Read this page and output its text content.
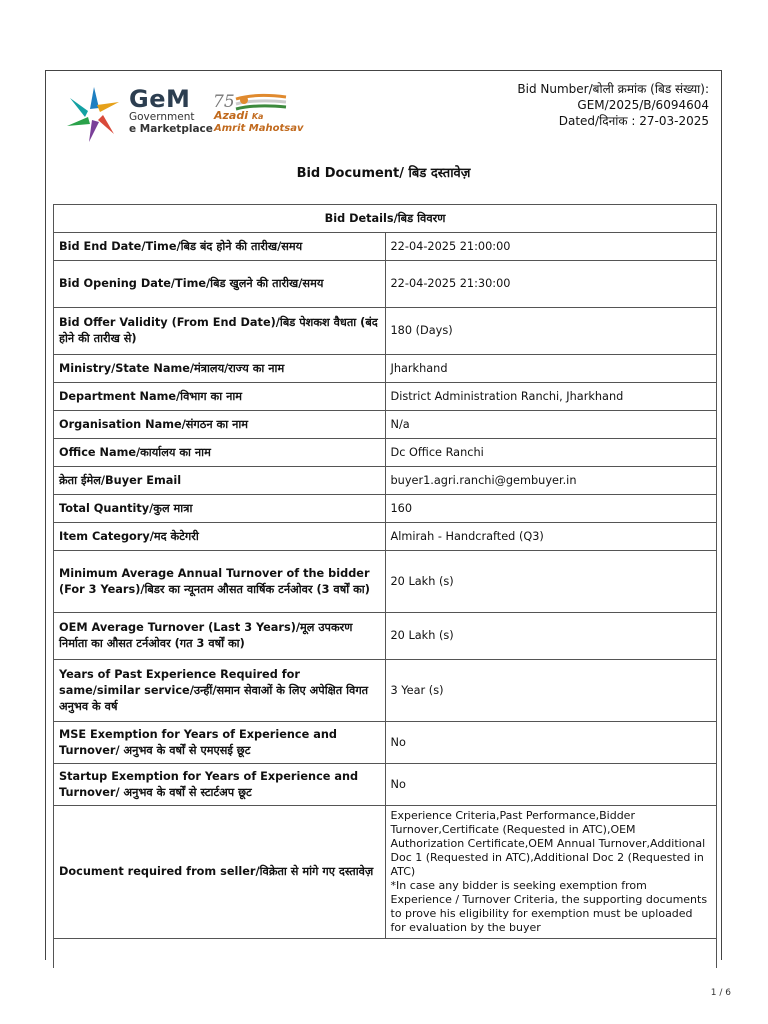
GeM
Government
e Marketplace
75
Azadi Ka
Amrit Mahotsav
Bid Number/बोली क्रमांक (बिड संख्या):
GEM/2025/B/6094604
Dated/दिनांक : 27-03-2025
Bid Document/ बिड दस्तावेज़
Bid Details/बिड विवरण	
Bid End Date/Time/बिड बंद होने की तारीख/समय	22-04-2025 21:00:00
Bid Opening Date/Time/बिड खुलने की तारीख/समय	22-04-2025 21:30:00
Bid Offer Validity (From End Date)/बिड पेशकश वैधता (बंद होने की तारीख से)	180 (Days)
Ministry/State Name/मंत्रालय/राज्य का नाम	Jharkhand
Department Name/विभाग का नाम	District Administration Ranchi, Jharkhand
Organisation Name/संगठन का नाम	N/a
Office Name/कार्यालय का नाम	Dc Office Ranchi
क्रेता ईमेल/Buyer Email	buyer1.agri.ranchi@gembuyer.in
Total Quantity/कुल मात्रा	160
Item Category/मद केटेगरी	Almirah - Handcrafted (Q3)
Minimum Average Annual Turnover of the bidder (For 3 Years)/बिडर का न्यूनतम औसत वार्षिक टर्नओवर (3 वर्षों का)	20 Lakh (s)
OEM Average Turnover (Last 3 Years)/मूल उपकरण निर्माता का औसत टर्नओवर (गत 3 वर्षों का)	20 Lakh (s)
Years of Past Experience Required for same/similar service/उन्हीं/समान सेवाओं के लिए अपेक्षित विगत अनुभव के वर्ष	3 Year (s)
MSE Exemption for Years of Experience and Turnover/ अनुभव के वर्षों से एमएसई छूट	No
Startup Exemption for Years of Experience and Turnover/ अनुभव के वर्षों से स्टार्टअप छूट	No
Document required from seller/विक्रेता से मांगे गए दस्तावेज़	Experience Criteria,Past Performance,Bidder Turnover,Certificate (Requested in ATC),OEM Authorization Certificate,OEM Annual Turnover,Additional Doc 1 (Requested in ATC),Additional Doc 2 (Requested in ATC)
*In case any bidder is seeking exemption from Experience / Turnover Criteria, the supporting documents to prove his eligibility for exemption must be uploaded for evaluation by the buyer
1 / 6
